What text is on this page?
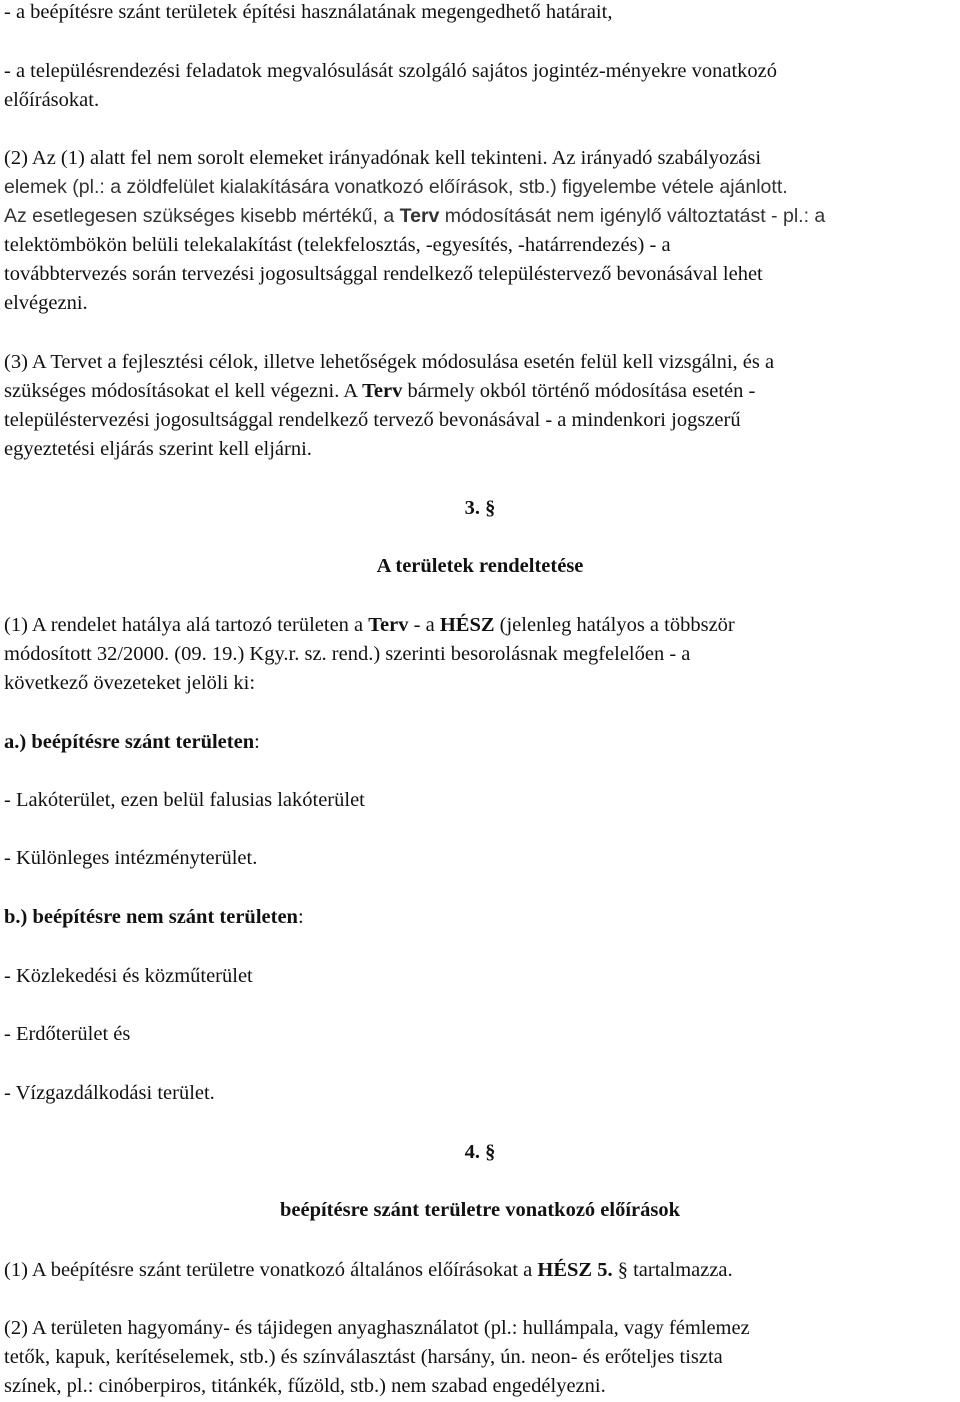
- a beépítésre szánt területek építési használatának megengedhető határait,

- a településrendezési feladatok megvalósulását szolgáló sajátos jogintéz-ményekre vonatkozó

előírásokat.

(2) Az (1) alatt fel nem sorolt elemeket irányadónak kell tekinteni. Az irányadó szabályozási

elemek (pl.: a zöldfelület kialakítására vonatkozó előírások, stb.) figyelembe vétele ajánlott.

Az esetlegesen szükséges kisebb mértékű, a Terv módosítását nem igénylő változtatást - pl.: a

telektömbökön belüli telekalakítást (telekfelosztás, -egyesítés, -határrendezés) - a

továbbtervezés során tervezési jogosultsággal rendelkező településtervező bevonásával lehet

elvégezni.

(3) A Tervet a fejlesztési célok, illetve lehetőségek módosulása esetén felül kell vizsgálni, és a

szükséges módosításokat el kell végezni. A Terv bármely okból történő módosítása esetén -

településtervezési jogosultsággal rendelkező tervező bevonásával - a mindenkori jogszerű

egyeztetési eljárás szerint kell eljárni.

3. §

A területek rendeltetése

(1) A rendelet hatálya alá tartozó területen a Terv - a HÉSZ (jelenleg hatályos a többször

módosított 32/2000. (09. 19.) Kgy.r. sz. rend.) szerinti besorolásnak megfelelően - a

következő övezeteket jelöli ki:

a.) beépítésre szánt területen:

- Lakóterület, ezen belül falusias lakóterület

- Különleges intézményterület.

b.) beépítésre nem szánt területen:

- Közlekedési és közműterület

- Erdőterület és

- Vízgazdálkodási terület.

4. §

beépítésre szánt területre vonatkozó előírások

(1) A beépítésre szánt területre vonatkozó általános előírásokat a HÉSZ 5. § tartalmazza.

(2) A területen hagyomány- és tájidegen anyaghasználatot (pl.: hullámpala, vagy fémlemez

tetők, kapuk, kerítéselemek, stb.) és színválasztást (harsány, ún. neon- és erőteljes tiszta

színek, pl.: cinóberpiros, titánkék, fűzöld, stb.) nem szabad engedélyezni.
